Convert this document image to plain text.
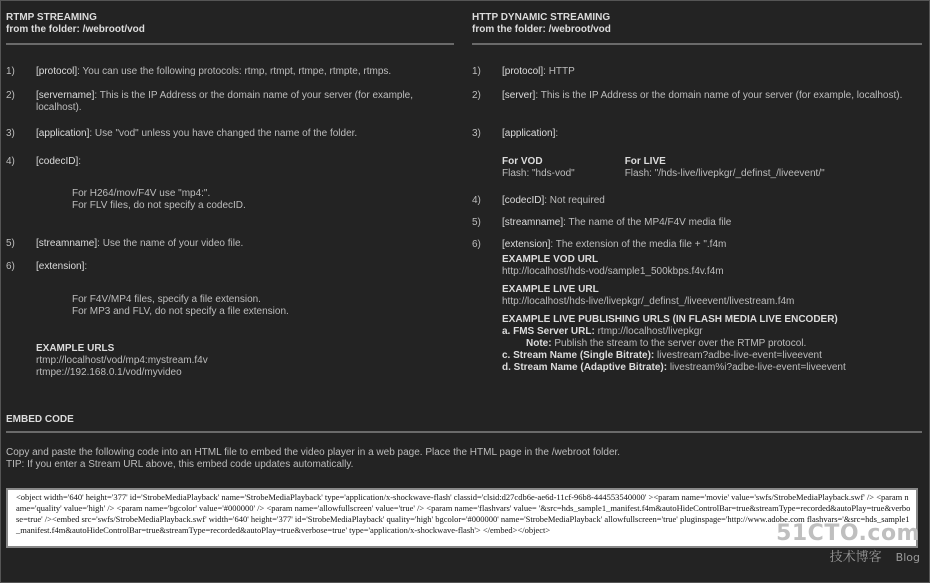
RTMP STREAMING
from the folder: /webroot/vod
1)	[protocol]: You can use the following protocols: rtmp, rtmpt, rtmpe, rtmpte, rtmps.
2)	[servername]: This is the IP Address or the domain name of your server (for example, localhost).
3)	[application]: Use "vod" unless you have changed the name of the folder.
4)	[codecID]:
For H264/mov/F4V use "mp4:".
For FLV files, do not specify a codecID.
5)	[streamname]: Use the name of your video file.
6)	[extension]:
For F4V/MP4 files, specify a file extension.
For MP3 and FLV, do not specify a file extension.
EXAMPLE URLS
rtmp://localhost/vod/mp4:mystream.f4v
rtmpe://192.168.0.1/vod/myvideo
HTTP DYNAMIC STREAMING
from the folder: /webroot/vod
1)	[protocol]: HTTP
2)	[server]: This is the IP Address or the domain name of your server (for example, localhost).
3)	[application]:
For VOD
Flash: "hds-vod"
For LIVE
Flash: "/hds-live/livepkgr/_definst_/liveevent/"
4)	[codecID]: Not required
5)	[streamname]: The name of the MP4/F4V media file
6)	[extension]: The extension of the media file + ".f4m
EXAMPLE VOD URL
http://localhost/hds-vod/sample1_500kbps.f4v.f4m
EXAMPLE LIVE URL
http://localhost/hds-live/livepkgr/_definst_/liveevent/livestream.f4m
EXAMPLE LIVE PUBLISHING URLS (IN FLASH MEDIA LIVE ENCODER)
a. FMS Server URL: rtmp://localhost/livepkgr
Note: Publish the stream to the server over the RTMP protocol.
c. Stream Name (Single Bitrate): livestream?adbe-live-event=liveevent
d. Stream Name (Adaptive Bitrate): livestream%i?adbe-live-event=liveevent
EMBED CODE
Copy and paste the following code into an HTML file to embed the video player in a web page. Place the HTML page in the /webroot folder.
TIP: If you enter a Stream URL above, this embed code updates automatically.
<object width='640' height='377' id='StrobeMediaPlayback' name='StrobeMediaPlayback' type='application/x-shockwave-flash' classid='clsid:d27cdb6e-ae6d-11cf-96b8-444553540000' ><param name='movie' value='swfs/StrobeMediaPlayback.swf' /> <param name='quality' value='high' /> <param name='bgcolor' value='#000000' /> <param name='allowfullscreen' value='true' /> <param name='flashvars' value= '&src=hds_sample1_manifest.f4m&autoHideControlBar=true&streamType=recorded&autoPlay=true&verbose=true' /><embed src='swfs/StrobeMediaPlayback.swf' width='640' height='377' id='StrobeMediaPlayback' quality='high' bgcolor='#000000' name='StrobeMediaPlayback' allowfullscreen='true' pluginspage='http://www.adobe.com flashvars='&src=hds_sample1_manifest.f4m&autoHideControlBar=true&streamType=recorded&autoPlay=true&verbose=true' type='application/x-shockwave-flash'> </embed></object>	51CTO.com
技术博客 Blog
